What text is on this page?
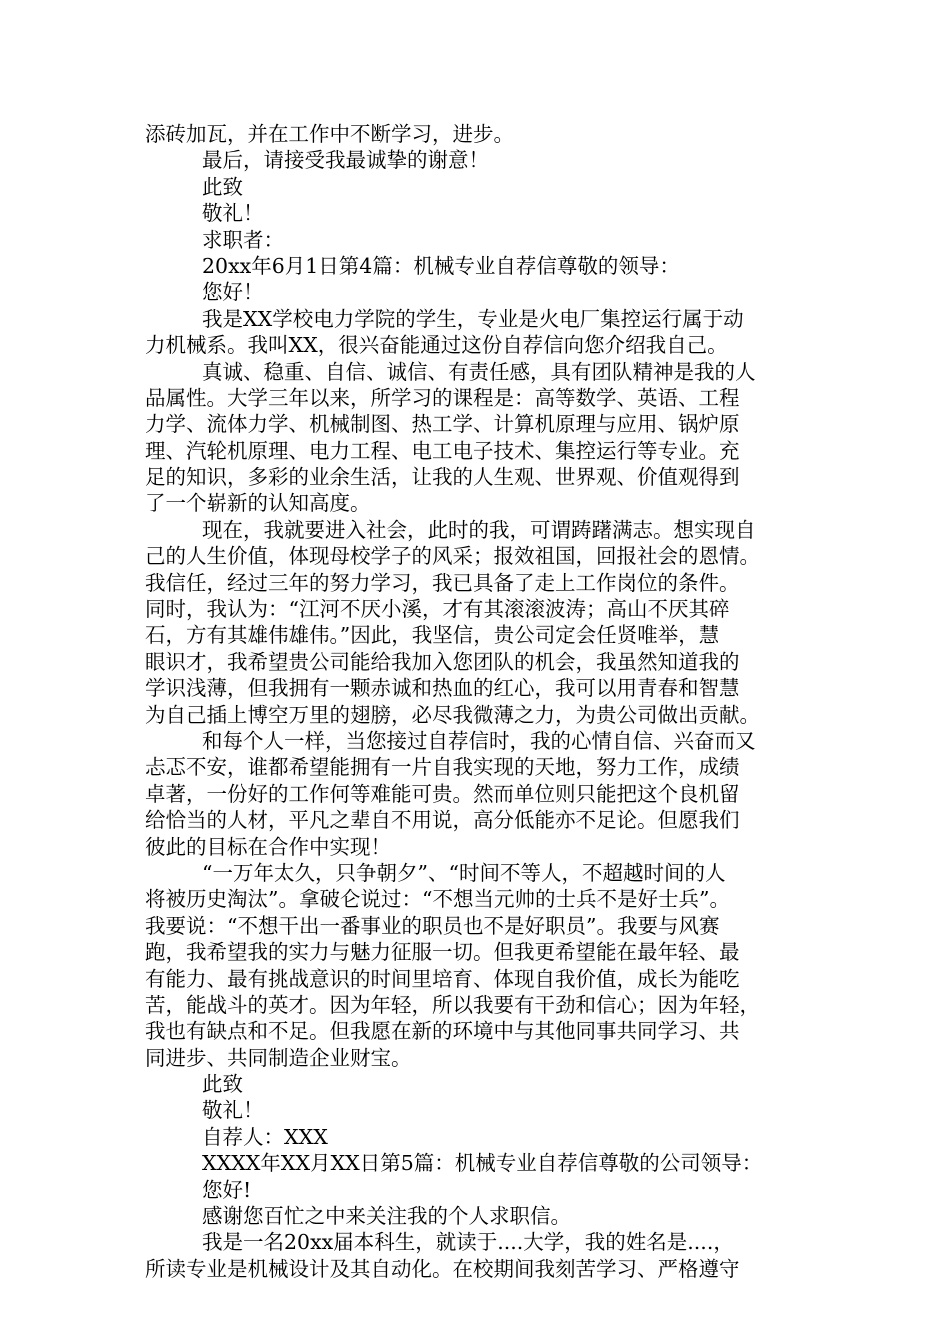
添砖加瓦，并在工作中不断学习，进步。
最后，请接受我最诚挚的谢意！
此致
敬礼！
求职者：
20xx年6月1日第4篇：机械专业自荐信尊敬的领导：
您好！
我是XX学校电力学院的学生，专业是火电厂集控运行属于动
力机械系。我叫XX，很兴奋能通过这份自荐信向您介绍我自己。
真诚、稳重、自信、诚信、有责任感，具有团队精神是我的人
品属性。大学三年以来，所学习的课程是：高等数学、英语、工程
力学、流体力学、机械制图、热工学、计算机原理与应用、锅炉原
理、汽轮机原理、电力工程、电工电子技术、集控运行等专业。充
足的知识，多彩的业余生活，让我的人生观、世界观、价值观得到
了一个崭新的认知高度。
现在，我就要进入社会，此时的我，可谓踌躇满志。想实现自
己的人生价值，体现母校学子的风采；报效祖国，回报社会的恩情。
我信任，经过三年的努力学习，我已具备了走上工作岗位的条件。
同时，我认为：“江河不厌小溪，才有其滚滚波涛；高山不厌其碎
石，方有其雄伟雄伟。”因此，我坚信，贵公司定会任贤唯举，慧
眼识才，我希望贵公司能给我加入您团队的机会，我虽然知道我的
学识浅薄，但我拥有一颗赤诚和热血的红心，我可以用青春和智慧
为自己插上博空万里的翅膀，必尽我微薄之力，为贵公司做出贡献。
和每个人一样，当您接过自荐信时，我的心情自信、兴奋而又
忐忑不安，谁都希望能拥有一片自我实现的天地，努力工作，成绩
卓著，一份好的工作何等难能可贵。然而单位则只能把这个良机留
给恰当的人材，平凡之辈自不用说，高分低能亦不足论。但愿我们
彼此的目标在合作中实现！
“一万年太久，只争朝夕”、“时间不等人，不超越时间的人
将被历史淘汰”。拿破仑说过：“不想当元帅的士兵不是好士兵”。
我要说：“不想干出一番事业的职员也不是好职员”。我要与风赛
跑，我希望我的实力与魅力征服一切。但我更希望能在最年轻、最
有能力、最有挑战意识的时间里培育、体现自我价值，成长为能吃
苦，能战斗的英才。因为年轻，所以我要有干劲和信心；因为年轻，
我也有缺点和不足。但我愿在新的环境中与其他同事共同学习、共
同进步、共同制造企业财宝。
此致
敬礼！
自荐人：XXX
XXXX年XX月XX日第5篇：机械专业自荐信尊敬的公司领导：
您好!
感谢您百忙之中来关注我的个人求职信。
我是一名20xx届本科生，就读于....大学，我的姓名是....，
所读专业是机械设计及其自动化。在校期间我刻苦学习、严格遵守
